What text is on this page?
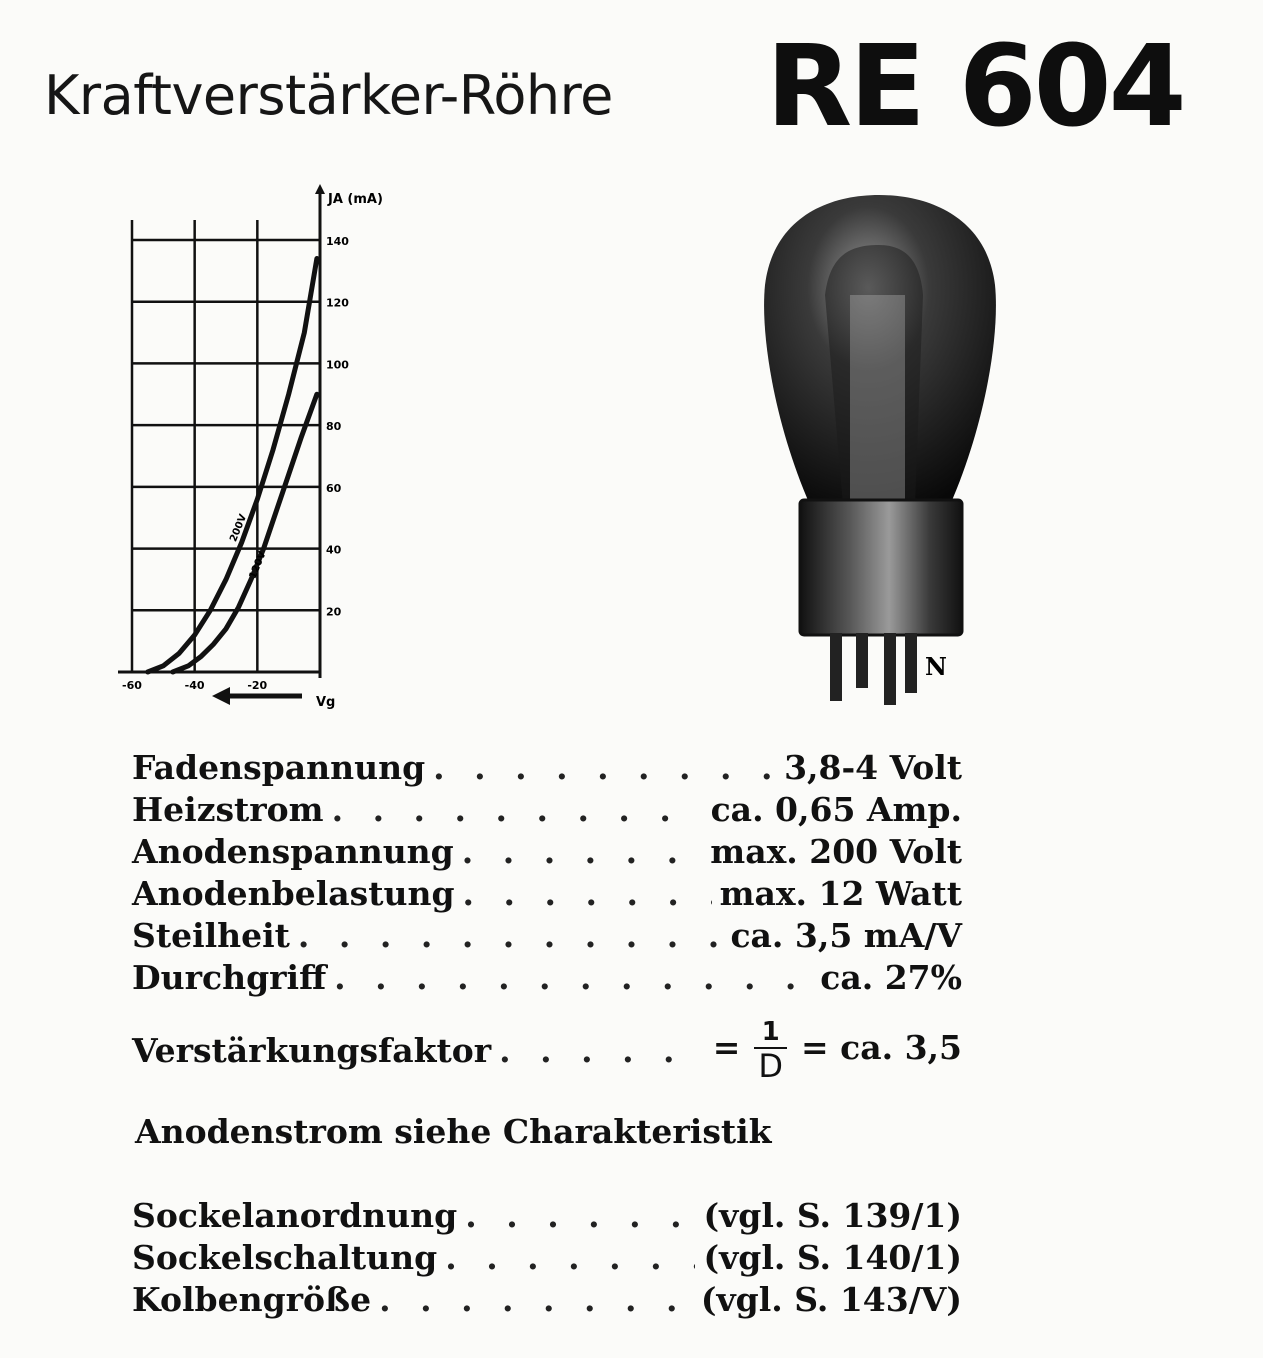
Kraftverstärker-Röhre RE 604
20
40
60
80
100
120
140
-60	-40	-20
200V
120V
JA (mA)
Vg
N
Fadenspannung . . .	3,8-4 Volt
Heizstrom . . .	ca. 0,65 Amp.
Anodenspannung . . .	max. 200 Volt
Anodenbelastung . . .	max. 12 Watt
Steilheit . . .	ca. 3,5 mA/V
Durchgriff . . .	ca. 27%
Verstärkungsfaktor . . .	= $\frac{1}{D}$ = ca. 3,5
Anodenstrom siehe Charakteristik
Sockelanordnung . . .	(vgl. S. 139/1)
Sockelschaltung . . .	(vgl. S. 140/1)
Kolbengröße . . .	(vgl. S. 143/V)
